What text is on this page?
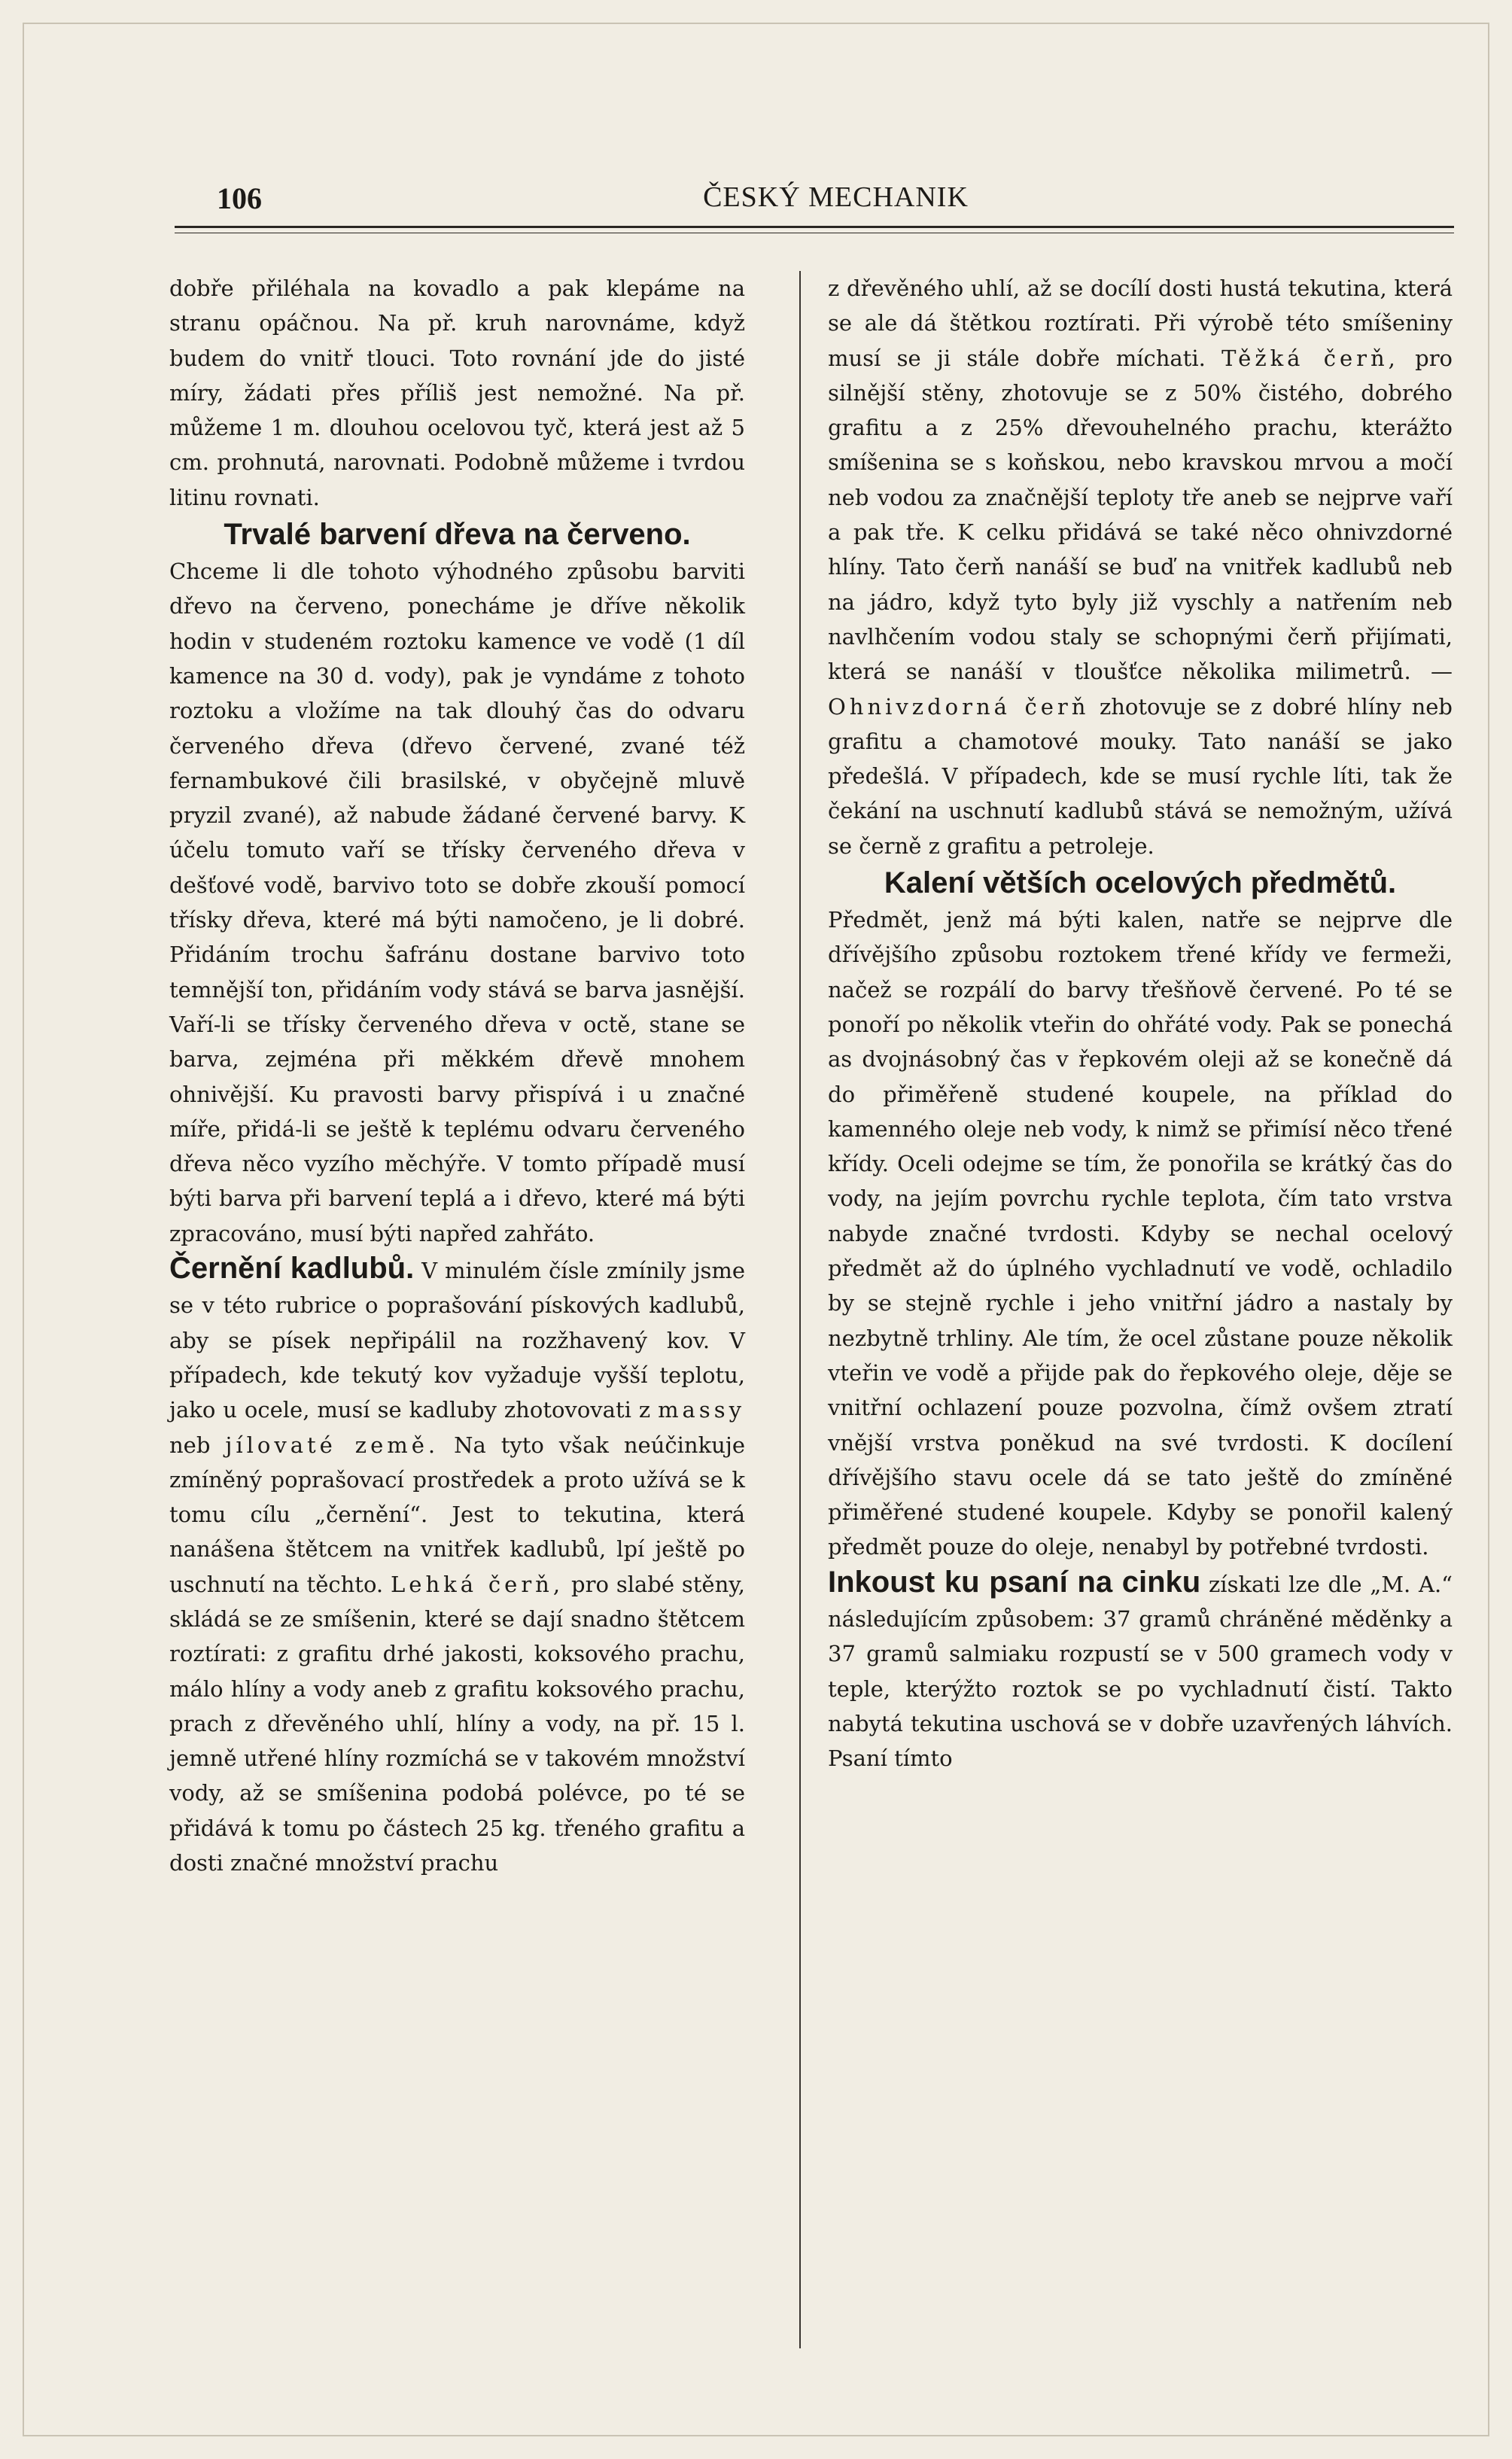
106	ČESKÝ MECHANIK

dobře přiléhala na kovadlo a pak klepáme na stranu opáčnou. Na př. kruh narovnáme, když budem do vnitř tlouci. Toto rovnání jde do jisté míry, žádati přes příliš jest nemožné. Na př. můžeme 1 m. dlouhou ocelovou tyč, která jest až 5 cm. prohnutá, narovnati. Podobně můžeme i tvrdou litinu rovnati.

Trvalé barvení dřeva na červeno.

Chceme li dle tohoto výhodného způsobu barviti dřevo na červeno, ponecháme je dříve několik hodin v studeném roztoku kamence ve vodě (1 díl kamence na 30 d. vody), pak je vyndáme z tohoto roztoku a vložíme na tak dlouhý čas do odvaru červeného dřeva (dřevo červené, zvané též fernambukové čili brasilské, v obyčejně mluvě pryzil zvané), až nabude žádané červené barvy. K účelu tomuto vaří se třísky červeného dřeva v dešťové vodě, barvivo toto se dobře zkouší pomocí třísky dřeva, které má býti namočeno, je li dobré. Přidáním trochu šafránu dostane barvivo toto temnější ton, přidáním vody stává se barva jasnější. Vaří-li se třísky červeného dřeva v octě, stane se barva, zejména při měkkém dřevě mnohem ohnivější. Ku pravosti barvy přispívá i u značné míře, přidá-li se ještě k teplému odvaru červeného dřeva něco vyzího měchýře. V tomto případě musí býti barva při barvení teplá a i dřevo, které má býti zpracováno, musí býti napřed zahřáto.

Černění kadlubů. V minulém čísle zmínily jsme se v této rubrice o poprašování pískových kadlubů, aby se písek nepřipálil na rozžhavený kov. V případech, kde tekutý kov vyžaduje vyšší teplotu, jako u ocele, musí se kadluby zhotovovati z massy neb jílovaté země. Na tyto však neúčinkuje zmíněný poprašovací prostředek a proto užívá se k tomu cílu „černění“. Jest to tekutina, která nanášena štětcem na vnitřek kadlubů, lpí ještě po uschnutí na těchto. Lehká čerň, pro slabé stěny, skládá se ze smíšenin, které se dají snadno štětcem roztírati: z grafitu drhé jakosti, koksového prachu, málo hlíny a vody aneb z grafitu koksového prachu, prach z dřevěného uhlí, hlíny a vody, na př. 15 l. jemně utřené hlíny rozmíchá se v takovém množství vody, až se smíšenina podobá polévce, po té se přidává k tomu po částech 25 kg. třeného grafitu a dosti značné množství prachu

z dřevěného uhlí, až se docílí dosti hustá tekutina, která se ale dá štětkou roztírati. Při výrobě této smíšeniny musí se ji stále dobře míchati. Těžká čerň, pro silnější stěny, zhotovuje se z 50% čistého, dobrého grafitu a z 25% dřevouhelného prachu, kterážto smíšenina se s koňskou, nebo kravskou mrvou a močí neb vodou za značnější teploty tře aneb se nejprve vaří a pak tře. K celku přidává se také něco ohnivzdorné hlíny. Tato čerň nanáší se buď na vnitřek kadlubů neb na jádro, když tyto byly již vyschly a natřením neb navlhčením vodou staly se schopnými čerň přijímati, která se nanáší v tloušťce několika milimetrů. — Ohnivzdorná čerň zhotovuje se z dobré hlíny neb grafitu a chamotové mouky. Tato nanáší se jako předešlá. V případech, kde se musí rychle líti, tak že čekání na uschnutí kadlubů stává se nemožným, užívá se černě z grafitu a petroleje.

Kalení větších ocelových předmětů.

Předmět, jenž má býti kalen, natře se nejprve dle dřívějšího způsobu roztokem třené křídy ve fermeži, načež se rozpálí do barvy třešňově červené. Po té se ponoří po několik vteřin do ohřáté vody. Pak se ponechá as dvojnásobný čas v řepkovém oleji až se konečně dá do přiměřeně studené koupele, na příklad do kamenného oleje neb vody, k nimž se přimísí něco třené křídy. Oceli odejme se tím, že ponořila se krátký čas do vody, na jejím povrchu rychle teplota, čím tato vrstva nabyde značné tvrdosti. Kdyby se nechal ocelový předmět až do úplného vychladnutí ve vodě, ochladilo by se stejně rychle i jeho vnitřní jádro a nastaly by nezbytně trhliny. Ale tím, že ocel zůstane pouze několik vteřin ve vodě a přijde pak do řepkového oleje, děje se vnitřní ochlazení pouze pozvolna, čímž ovšem ztratí vnější vrstva poněkud na své tvrdosti. K docílení dřívějšího stavu ocele dá se tato ještě do zmíněné přiměřené studené koupele. Kdyby se ponořil kalený předmět pouze do oleje, nenabyl by potřebné tvrdosti.

Inkoust ku psaní na cinku získati lze dle „M. A.“ následujícím způsobem: 37 gramů chráněné měděnky a 37 gramů salmiaku rozpustí se v 500 gramech vody v teple, kterýžto roztok se po vychladnutí čistí. Takto nabytá tekutina uschová se v dobře uzavřených láhvích. Psaní tímto
